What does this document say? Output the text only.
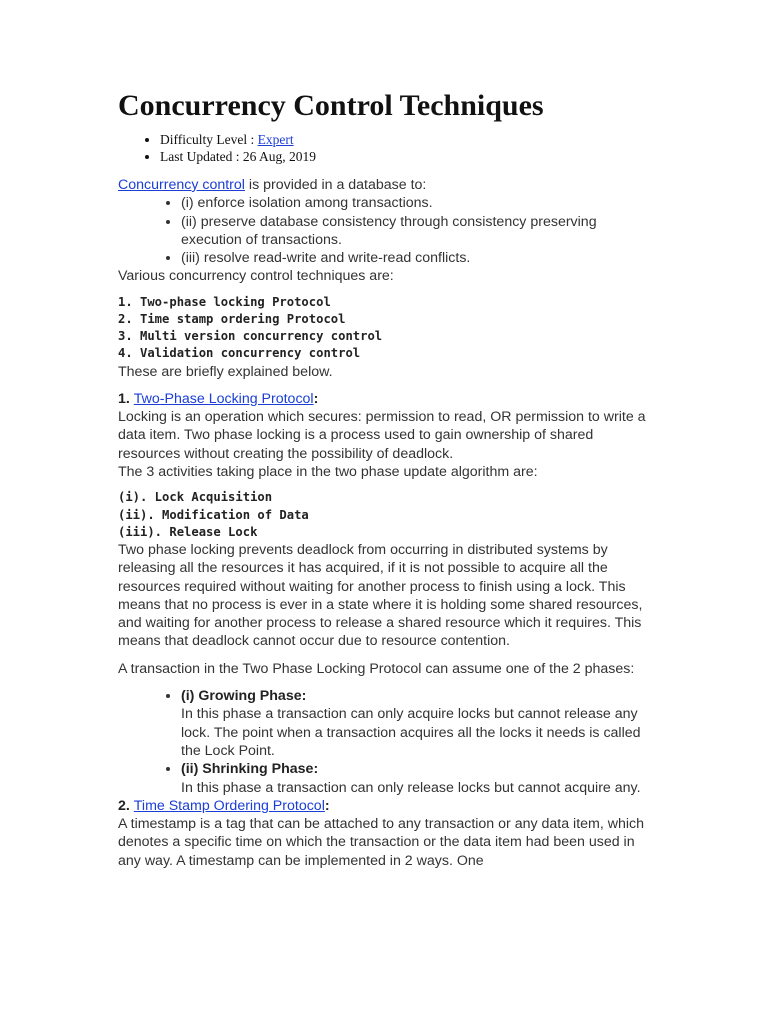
Concurrency Control Techniques
• Difficulty Level : Expert
• Last Updated : 26 Aug, 2019

Concurrency control is provided in a database to:

• (i) enforce isolation among transactions.
• (ii) preserve database consistency through consistency preserving execution of transactions.
• (iii) resolve read-write and write-read conflicts.

Various concurrency control techniques are:

1. Two-phase locking Protocol
2. Time stamp ordering Protocol
3. Multi version concurrency control
4. Validation concurrency control

These are briefly explained below.

1. Two-Phase Locking Protocol:

Locking is an operation which secures: permission to read, OR permission to write a data item. Two phase locking is a process used to gain ownership of shared resources without creating the possibility of deadlock.

The 3 activities taking place in the two phase update algorithm are:

(i). Lock Acquisition
(ii). Modification of Data
(iii). Release Lock

Two phase locking prevents deadlock from occurring in distributed systems by releasing all the resources it has acquired, if it is not possible to acquire all the resources required without waiting for another process to finish using a lock. This means that no process is ever in a state where it is holding some shared resources, and waiting for another process to release a shared resource which it requires. This means that deadlock cannot occur due to resource contention.

A transaction in the Two Phase Locking Protocol can assume one of the 2 phases:

• (i) Growing Phase:
In this phase a transaction can only acquire locks but cannot release any lock. The point when a transaction acquires all the locks it needs is called the Lock Point.
• (ii) Shrinking Phase:
In this phase a transaction can only release locks but cannot acquire any.

2. Time Stamp Ordering Protocol:

A timestamp is a tag that can be attached to any transaction or any data item, which denotes a specific time on which the transaction or the data item had been used in any way. A timestamp can be implemented in 2 ways. One
